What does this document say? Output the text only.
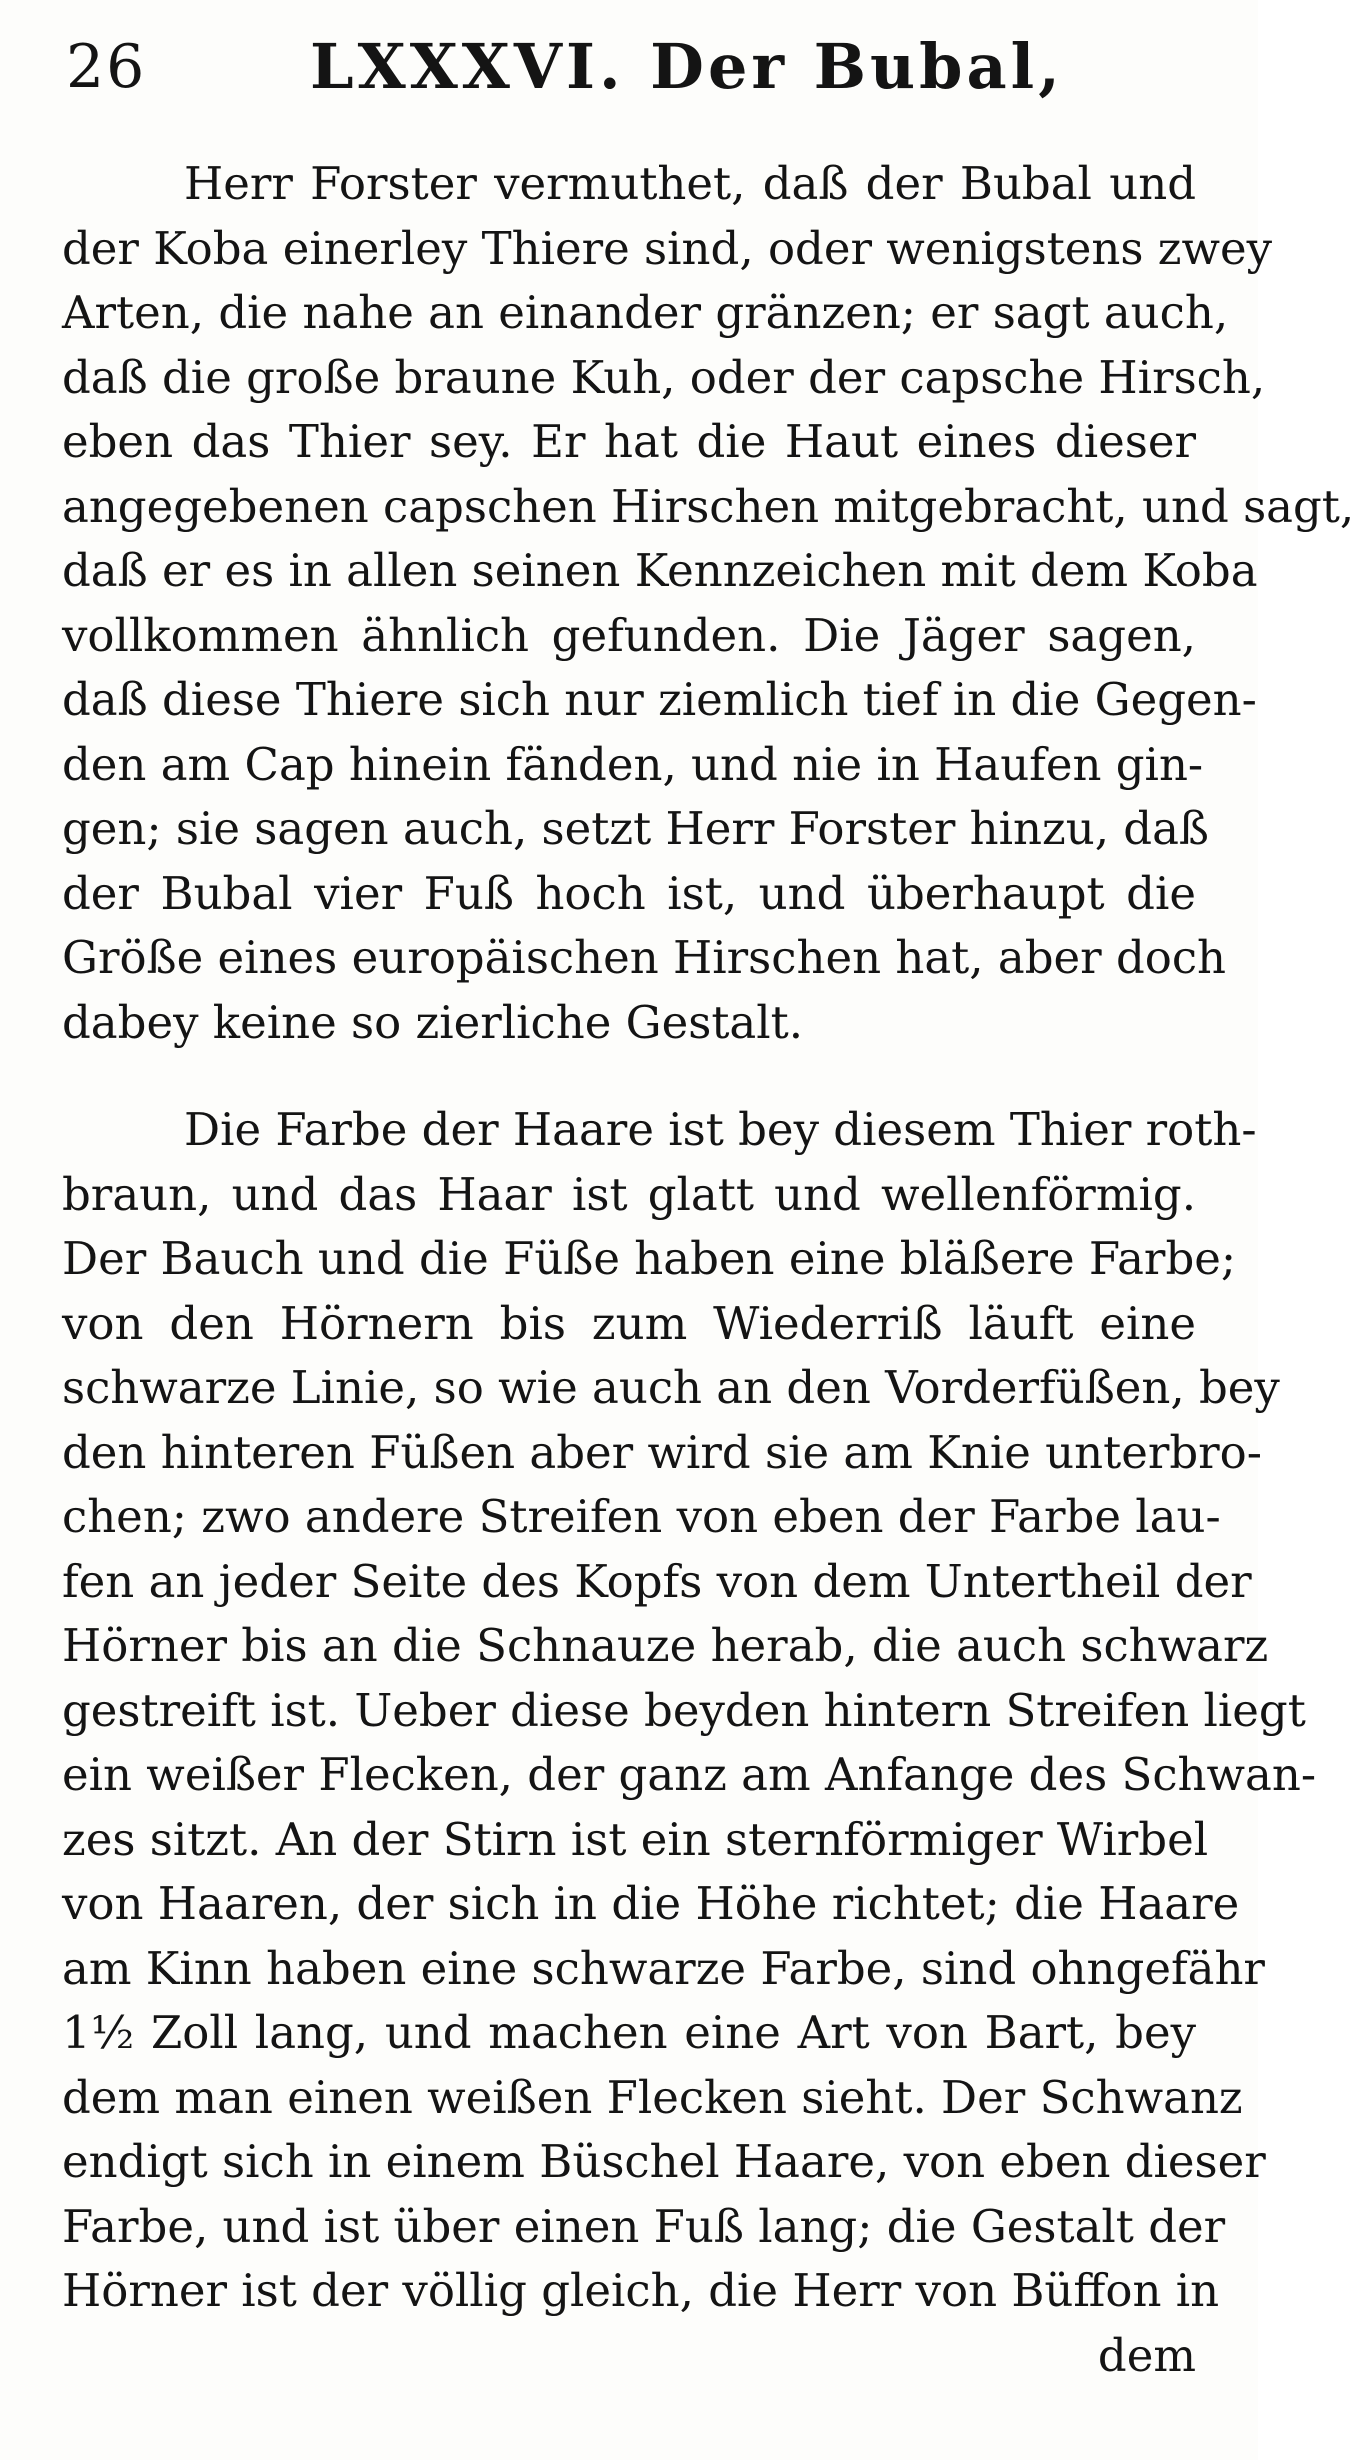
26	LXXXVI. Der Bubal,
Herr Forster vermuthet, daß der Bubal und
der Koba einerley Thiere sind, oder wenigstens zwey
Arten, die nahe an einander gränzen; er sagt auch,
daß die große braune Kuh, oder der capsche Hirsch,
eben das Thier sey. Er hat die Haut eines dieser
angegebenen capschen Hirschen mitgebracht, und sagt,
daß er es in allen seinen Kennzeichen mit dem Koba
vollkommen ähnlich gefunden. Die Jäger sagen,
daß diese Thiere sich nur ziemlich tief in die Gegen-
den am Cap hinein fänden, und nie in Haufen gin-
gen; sie sagen auch, setzt Herr Forster hinzu, daß
der Bubal vier Fuß hoch ist, und überhaupt die
Größe eines europäischen Hirschen hat, aber doch
dabey keine so zierliche Gestalt.
Die Farbe der Haare ist bey diesem Thier roth-
braun, und das Haar ist glatt und wellenförmig.
Der Bauch und die Füße haben eine bläßere Farbe;
von den Hörnern bis zum Wiederriß läuft eine
schwarze Linie, so wie auch an den Vorderfüßen, bey
den hinteren Füßen aber wird sie am Knie unterbro-
chen; zwo andere Streifen von eben der Farbe lau-
fen an jeder Seite des Kopfs von dem Untertheil der
Hörner bis an die Schnauze herab, die auch schwarz
gestreift ist. Ueber diese beyden hintern Streifen liegt
ein weißer Flecken, der ganz am Anfange des Schwan-
zes sitzt. An der Stirn ist ein sternförmiger Wirbel
von Haaren, der sich in die Höhe richtet; die Haare
am Kinn haben eine schwarze Farbe, sind ohngefähr
1½ Zoll lang, und machen eine Art von Bart, bey
dem man einen weißen Flecken sieht. Der Schwanz
endigt sich in einem Büschel Haare, von eben dieser
Farbe, und ist über einen Fuß lang; die Gestalt der
Hörner ist der völlig gleich, die Herr von Büffon in
dem
